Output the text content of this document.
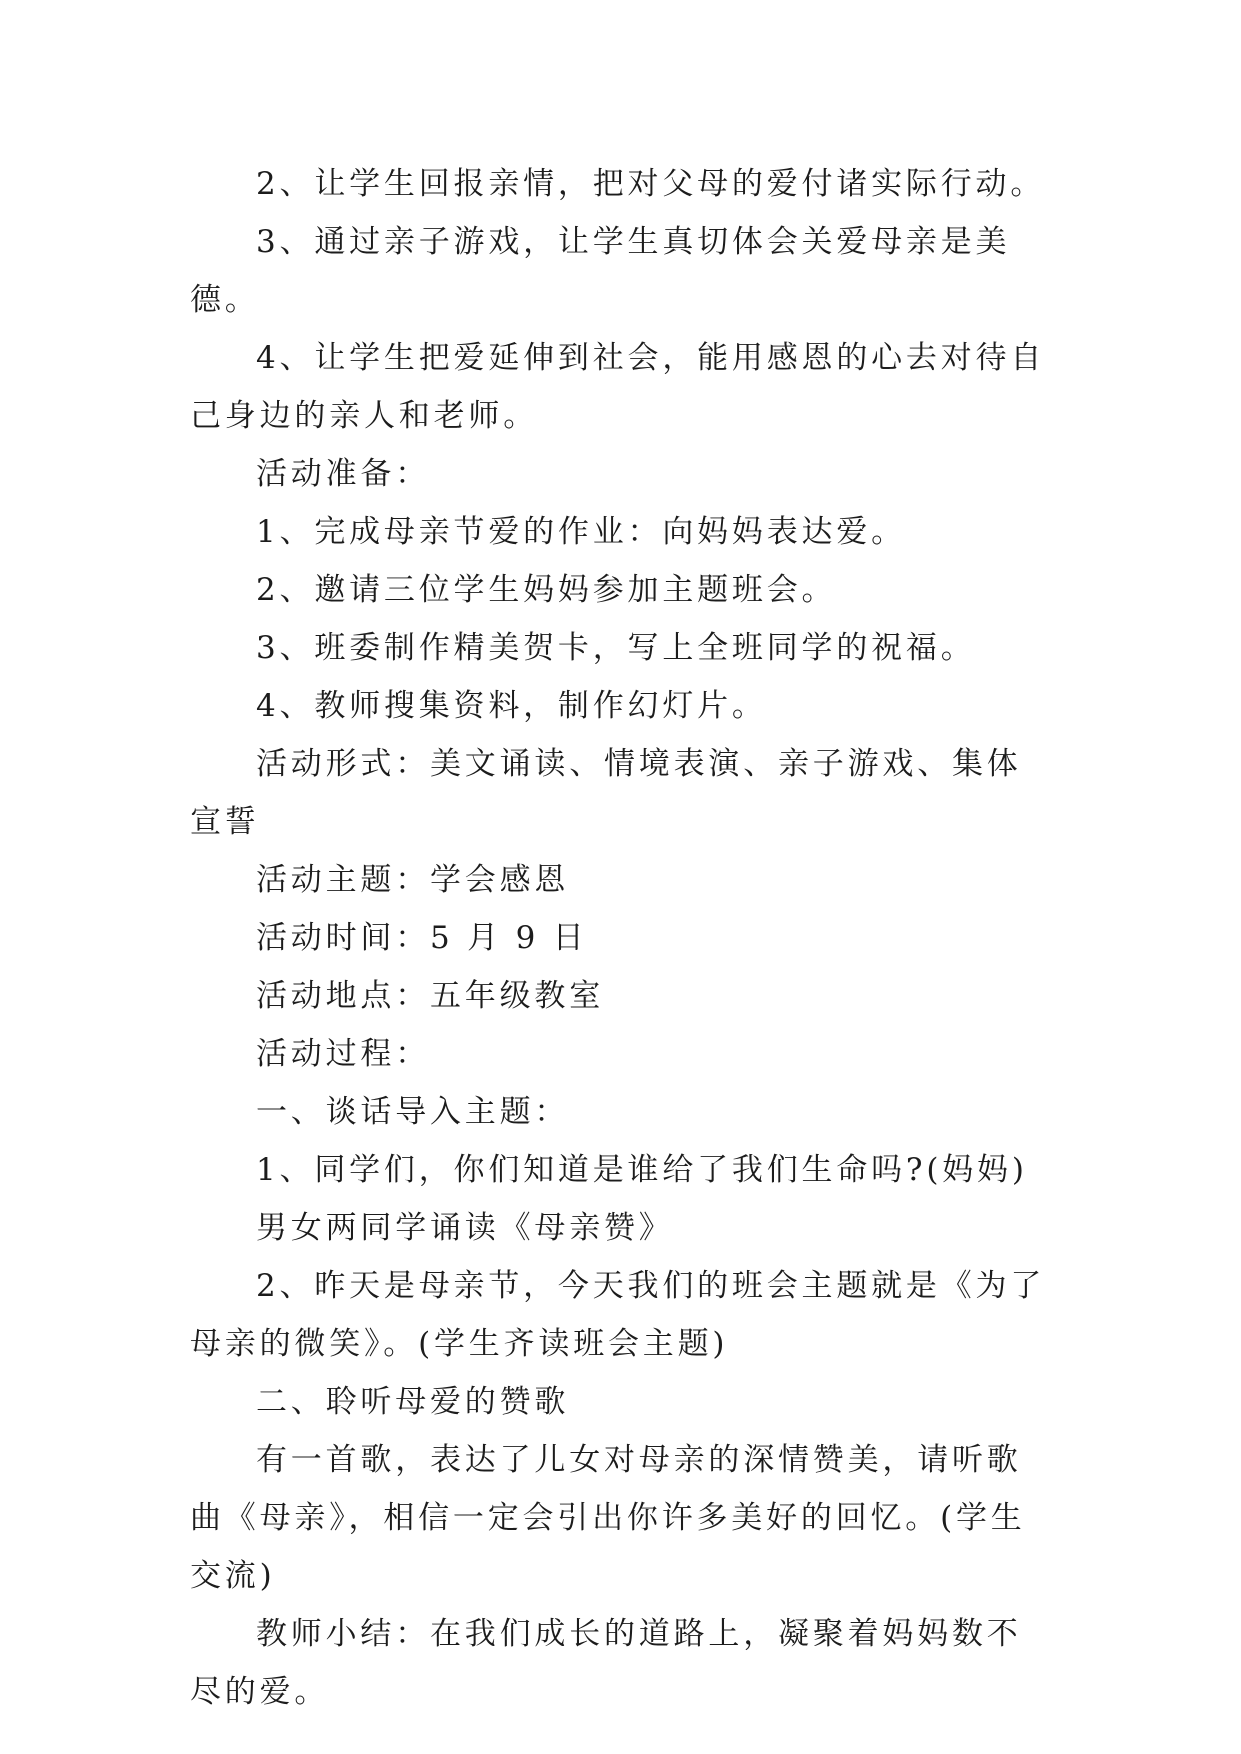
2、让学生回报亲情，把对父母的爱付诸实际行动。

3、通过亲子游戏，让学生真切体会关爱母亲是美德。

4、让学生把爱延伸到社会，能用感恩的心去对待自己身边的亲人和老师。

活动准备：

1、完成母亲节爱的作业：向妈妈表达爱。

2、邀请三位学生妈妈参加主题班会。

3、班委制作精美贺卡，写上全班同学的祝福。

4、教师搜集资料，制作幻灯片。

活动形式：美文诵读、情境表演、亲子游戏、集体宣誓

活动主题：学会感恩

活动时间：5 月 9 日

活动地点：五年级教室

活动过程：

一、谈话导入主题：

1、同学们，你们知道是谁给了我们生命吗?(妈妈)

男女两同学诵读《母亲赞》

2、昨天是母亲节，今天我们的班会主题就是《为了母亲的微笑》。(学生齐读班会主题)

二、聆听母爱的赞歌

有一首歌，表达了儿女对母亲的深情赞美，请听歌曲《母亲》，相信一定会引出你许多美好的回忆。(学生交流)

教师小结：在我们成长的道路上，凝聚着妈妈数不尽的爱。
